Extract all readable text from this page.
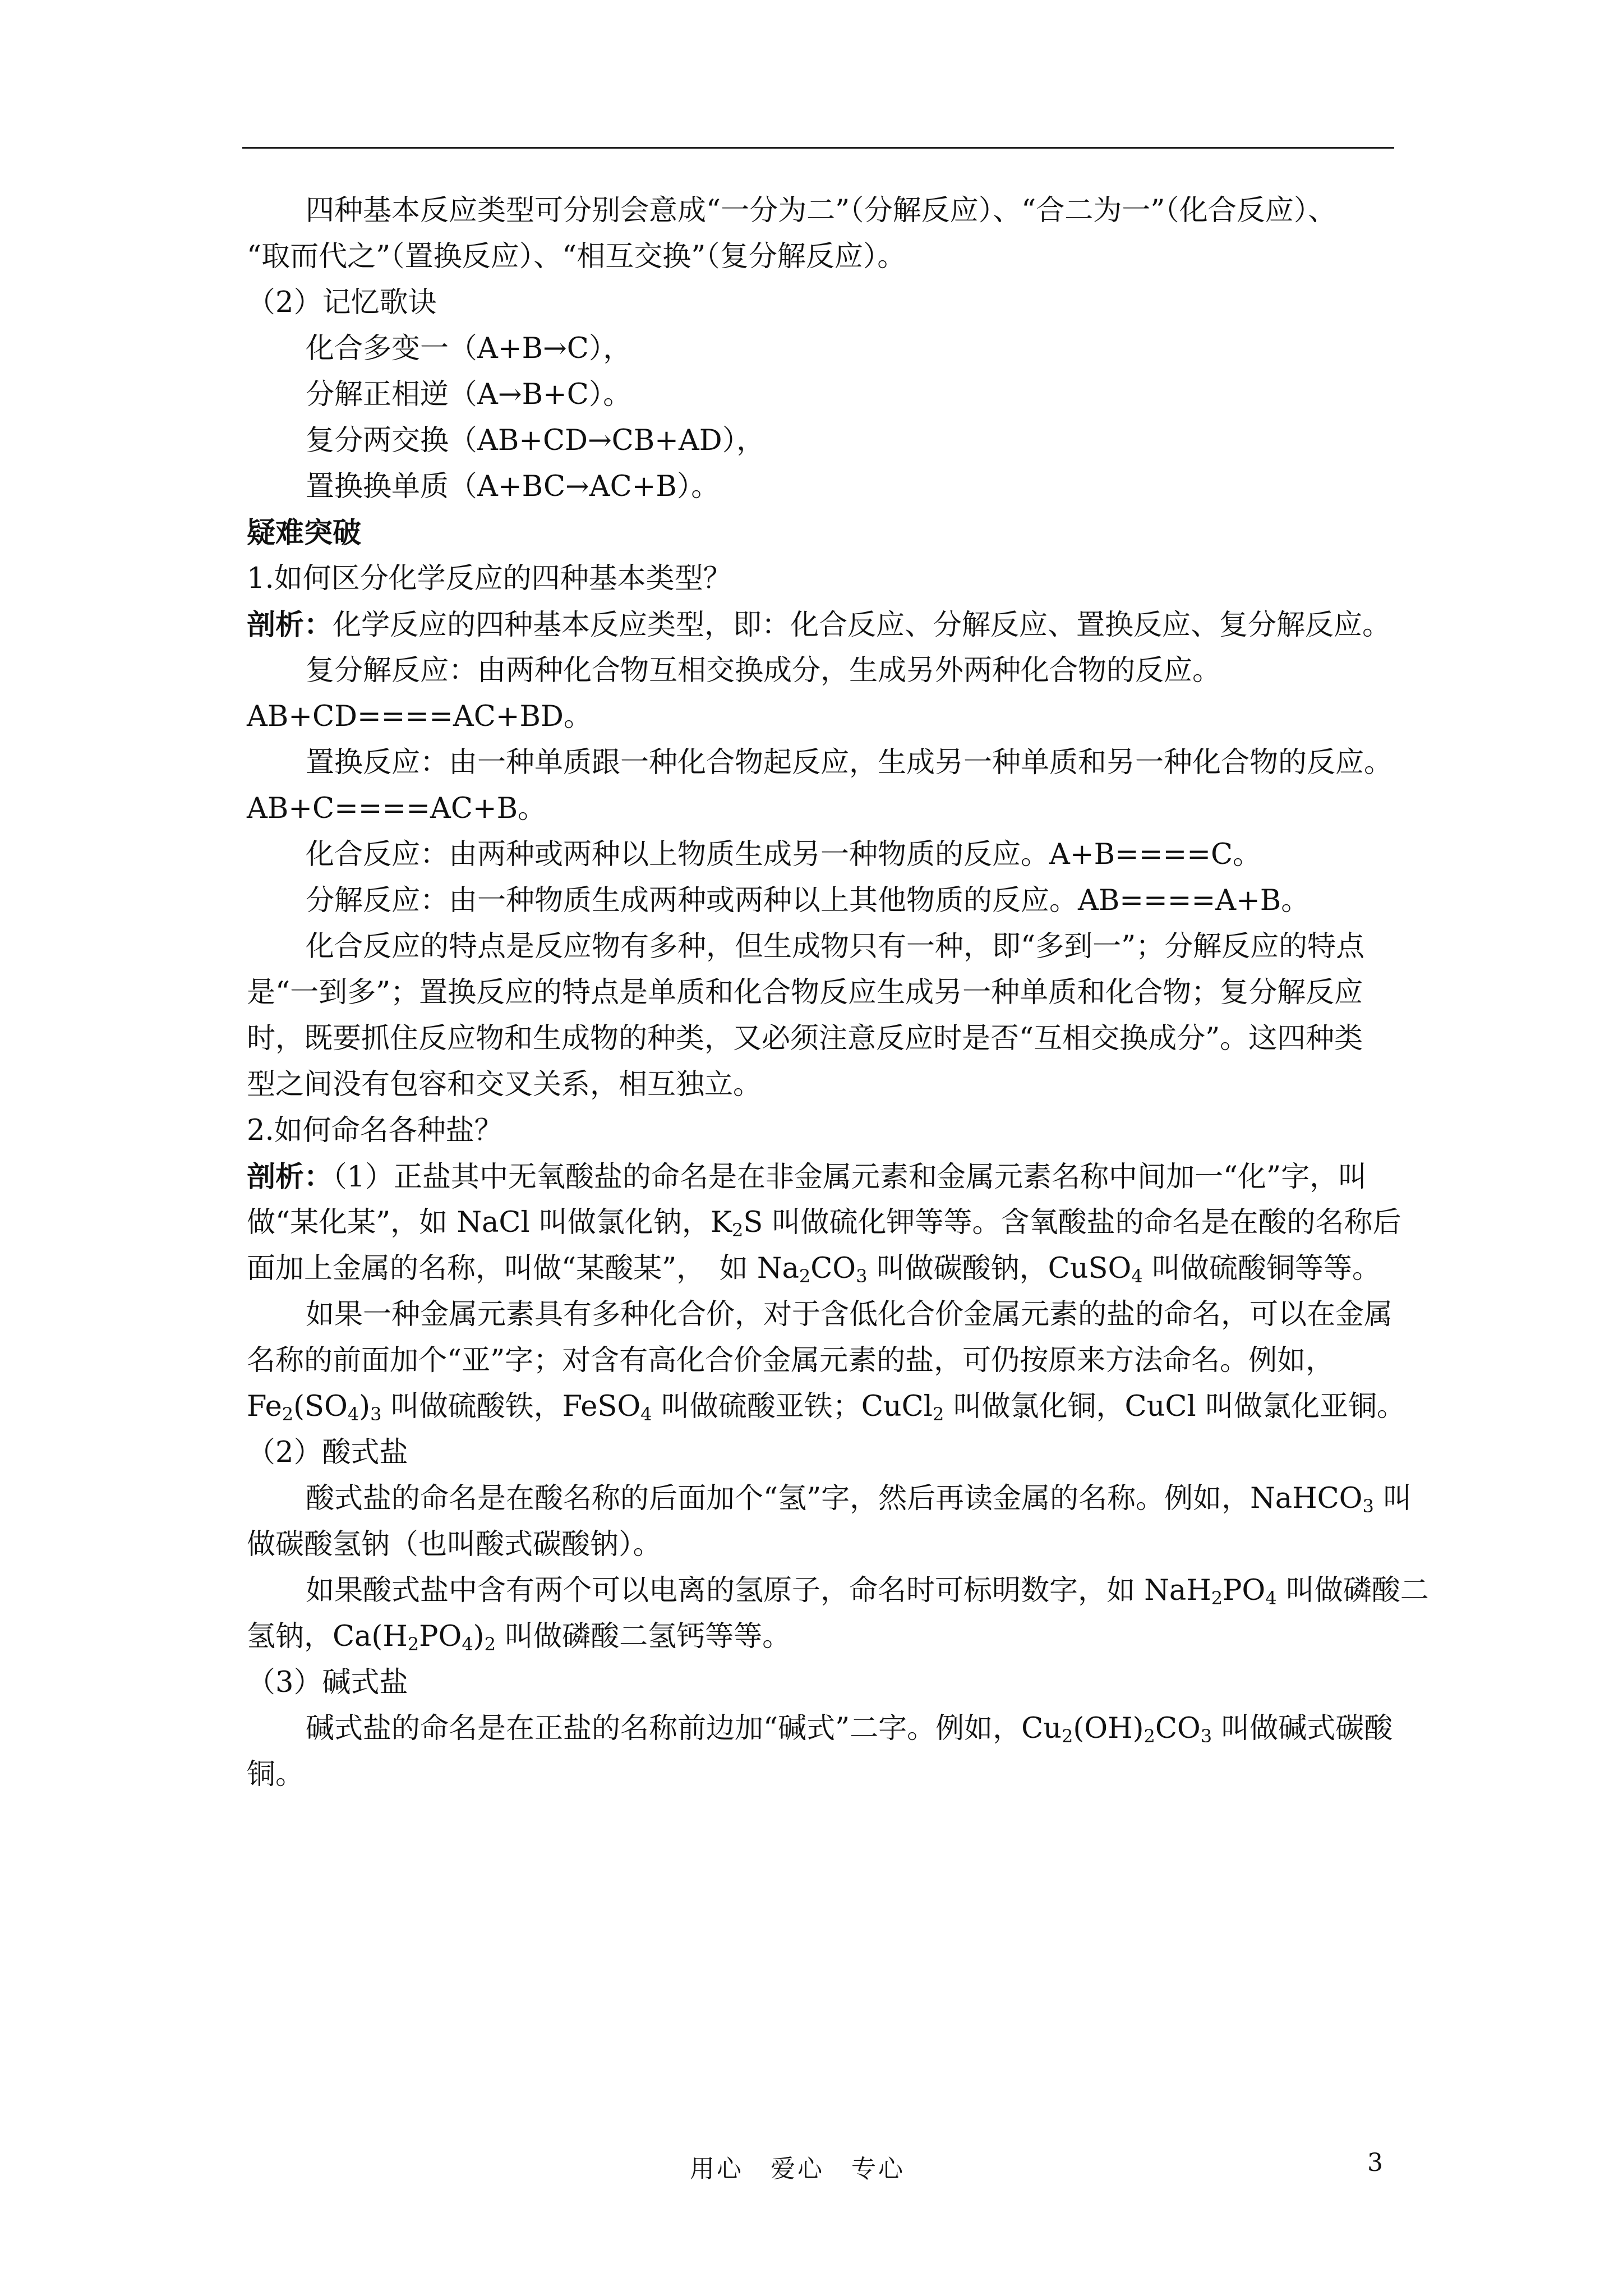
四种基本反应类型可分别会意成“一分为二”（分解反应）、“合二为一”（化合反应）、
“取而代之”（置换反应）、“相互交换”（复分解反应）。
（2）记忆歌诀
化合多变一（A+B→C），
分解正相逆（A→B+C）。
复分两交换（AB+CD→CB+AD），
置换换单质（A+BC→AC+B）。
疑难突破
1.如何区分化学反应的四种基本类型？
剖析：化学反应的四种基本反应类型，即：化合反应、分解反应、置换反应、复分解反应。
复分解反应：由两种化合物互相交换成分，生成另外两种化合物的反应。
AB+CD====AC+BD。
置换反应：由一种单质跟一种化合物起反应，生成另一种单质和另一种化合物的反应。
AB+C====AC+B。
化合反应：由两种或两种以上物质生成另一种物质的反应。A+B====C。
分解反应：由一种物质生成两种或两种以上其他物质的反应。AB====A+B。
化合反应的特点是反应物有多种，但生成物只有一种，即“多到一”；分解反应的特点
是“一到多”；置换反应的特点是单质和化合物反应生成另一种单质和化合物；复分解反应
时，既要抓住反应物和生成物的种类，又必须注意反应时是否“互相交换成分”。这四种类
型之间没有包容和交叉关系，相互独立。
2.如何命名各种盐？
剖析：（1）正盐其中无氧酸盐的命名是在非金属元素和金属元素名称中间加一“化”字，叫
做“某化某”，如 NaCl 叫做氯化钠，$K_2S$ 叫做硫化钾等等。含氧酸盐的命名是在酸的名称后
面加上金属的名称，叫做“某酸某”，　如 $Na_2CO_3$ 叫做碳酸钠，CuSO$_4$ 叫做硫酸铜等等。
如果一种金属元素具有多种化合价，对于含低化合价金属元素的盐的命名，可以在金属
名称的前面加个“亚”字；对含有高化合价金属元素的盐，可仍按原来方法命名。例如，
$Fe_2(SO_4)_3$ 叫做硫酸铁，FeSO$_4$ 叫做硫酸亚铁；CuCl$_2$ 叫做氯化铜，CuCl 叫做氯化亚铜。
（2）酸式盐
酸式盐的命名是在酸名称的后面加个“氢”字，然后再读金属的名称。例如，NaHCO$_3$ 叫
做碳酸氢钠（也叫酸式碳酸钠）。
如果酸式盐中含有两个可以电离的氢原子，命名时可标明数字，如 $NaH_2PO_4$ 叫做磷酸二
氢钠，$Ca(H_2PO_4)_2$ 叫做磷酸二氢钙等等。
（3）碱式盐
碱式盐的命名是在正盐的名称前边加“碱式”二字。例如，$Cu_2(OH)_2CO_3$ 叫做碱式碳酸
铜。
用心　爱心　专心	3
